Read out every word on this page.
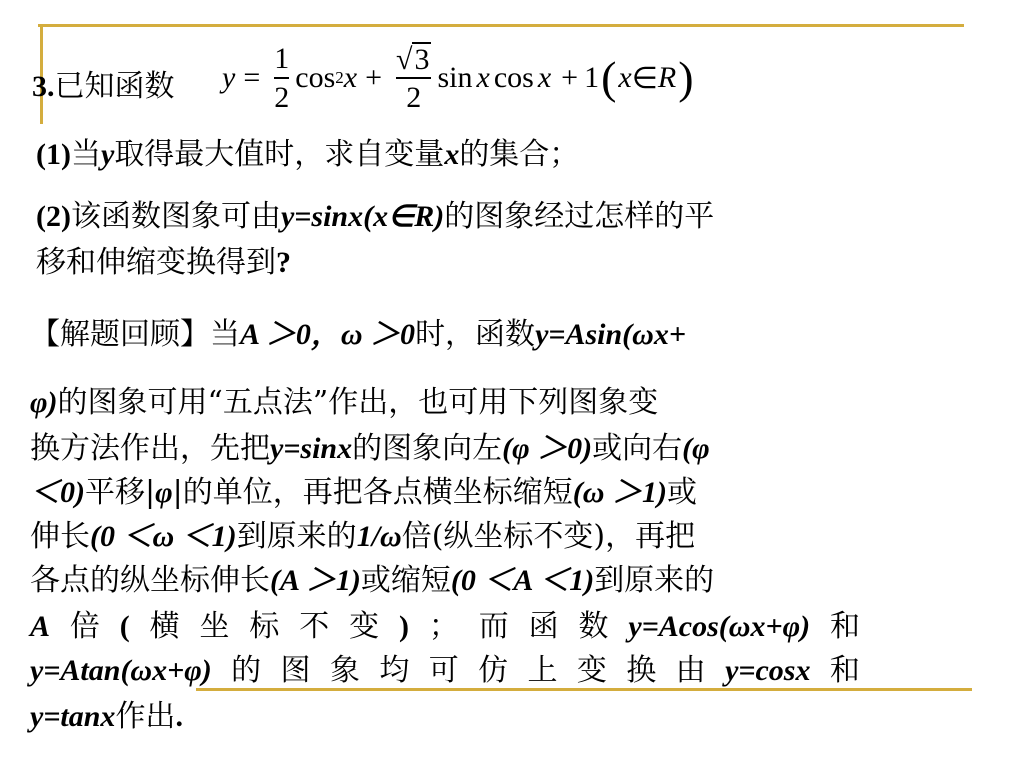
3.已知函数 $y = \frac{1}{2}$ cos 2 $x + \frac{√ 3}{2}$ sin x cos x + 1 ( x ∈ R )
(1)当y取得最大值时，求自变量x的集合；
(2)该函数图象可由y=sinx(x∈R)的图象经过怎样的平
移和伸缩变换得到?
【解题回顾】当A ＞0，ω ＞0时，函数y=Asin(ωx+
φ)的图象可用“五点法”作出，也可用下列图象变
换方法作出，先把y=sinx的图象向左(φ ＞0)或向右(φ
＜0)平移|φ|的单位，再把各点横坐标缩短(ω ＞1)或
伸长(0 ＜ω ＜1)到原来的1/ω倍(纵坐标不变)，再把
各点的纵坐标伸长(A ＞1)或缩短(0 ＜A ＜1)到原来的
A 倍 ( 横 坐 标 不 变 ) ； 而 函 数 y=Acos(ωx+φ) 和
y=Atan(ωx+φ) 的 图 象 均 可 仿 上 变 换 由 y=cosx 和
y=tanx作出.
